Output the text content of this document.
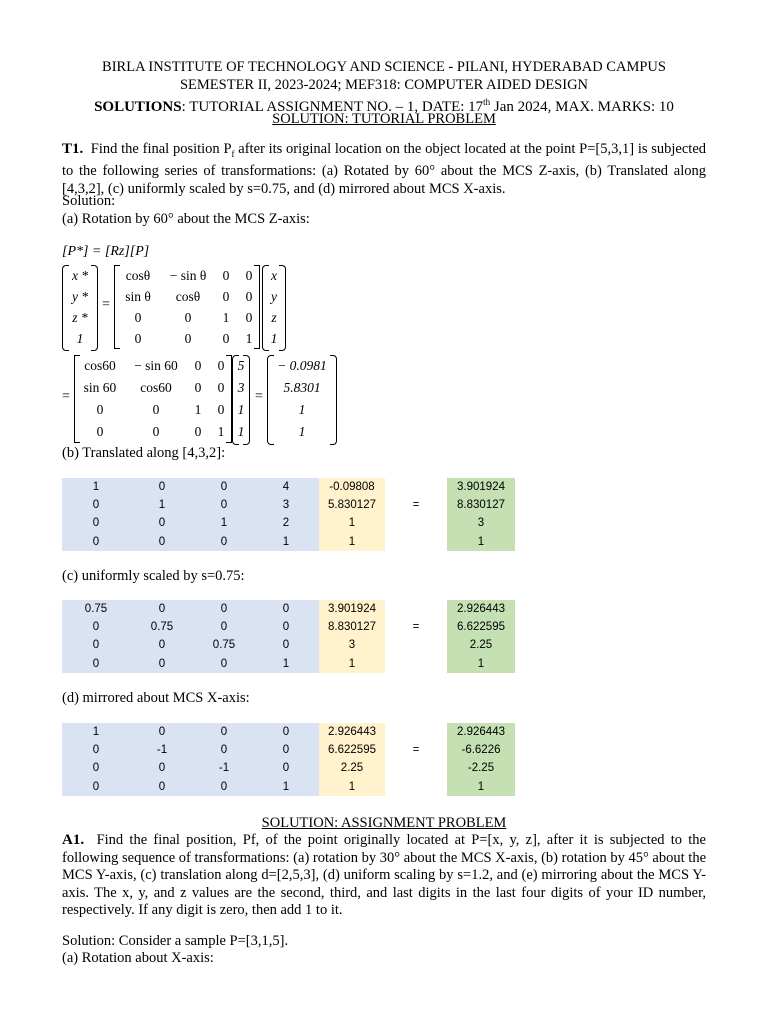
BIRLA INSTITUTE OF TECHNOLOGY AND SCIENCE - PILANI, HYDERABAD CAMPUS
SEMESTER II, 2023-2024; MEF318: COMPUTER AIDED DESIGN
SOLUTIONS: TUTORIAL ASSIGNMENT NO. – 1, DATE: 17th Jan 2024, MAX. MARKS: 10
SOLUTION: TUTORIAL PROBLEM
T1. Find the final position $P_f$ after its original location on the object located at the point P=[5,3,1] is subjected to the following series of transformations: (a) Rotated by 60° about the MCS Z-axis, (b) Translated along [4,3,2], (c) uniformly scaled by s=0.75, and (d) mirrored about MCS X-axis.
Solution:
(a) Rotation by 60° about the MCS Z-axis:
[P*] = [Rz][P]
x *
y *
z *
1
=
cosθ	− sin θ	0	0
sin θ	cosθ	0	0
0	0	1	0
0	0	0	1
x
y
z
1
=
cos60	− sin 60	0	0
sin 60	cos60	0	0
0	0	1	0
0	0	0	1
5
3
1
1
=
− 0.0981
5.8301
1
1
(b) Translated along [4,3,2]:
1	0	0	4	-0.09808	3.901924
0	1	0	3	5.830127	8.830127
0	0	1	2	1	3
0	0	0	1	1	1
=
(c) uniformly scaled by s=0.75:
0.75	0	0	0	3.901924	2.926443
0	0.75	0	0	8.830127	6.622595
0	0	0.75	0	3	2.25
0	0	0	1	1	1
=
(d) mirrored about MCS X-axis:
1	0	0	0	2.926443	2.926443
0	-1	0	0	6.622595	-6.6226
0	0	-1	0	2.25	-2.25
0	0	0	1	1	1
=
SOLUTION: ASSIGNMENT PROBLEM
A1. Find the final position, Pf, of the point originally located at P=[x, y, z], after it is subjected to the following sequence of transformations: (a) rotation by 30° about the MCS X-axis, (b) rotation by 45° about the MCS Y-axis, (c) translation along d=[2,5,3], (d) uniform scaling by s=1.2, and (e) mirroring about the MCS Y-axis. The x, y, and z values are the second, third, and last digits in the last four digits of your ID number, respectively. If any digit is zero, then add 1 to it.
Solution: Consider a sample P=[3,1,5].
(a) Rotation about X-axis:
